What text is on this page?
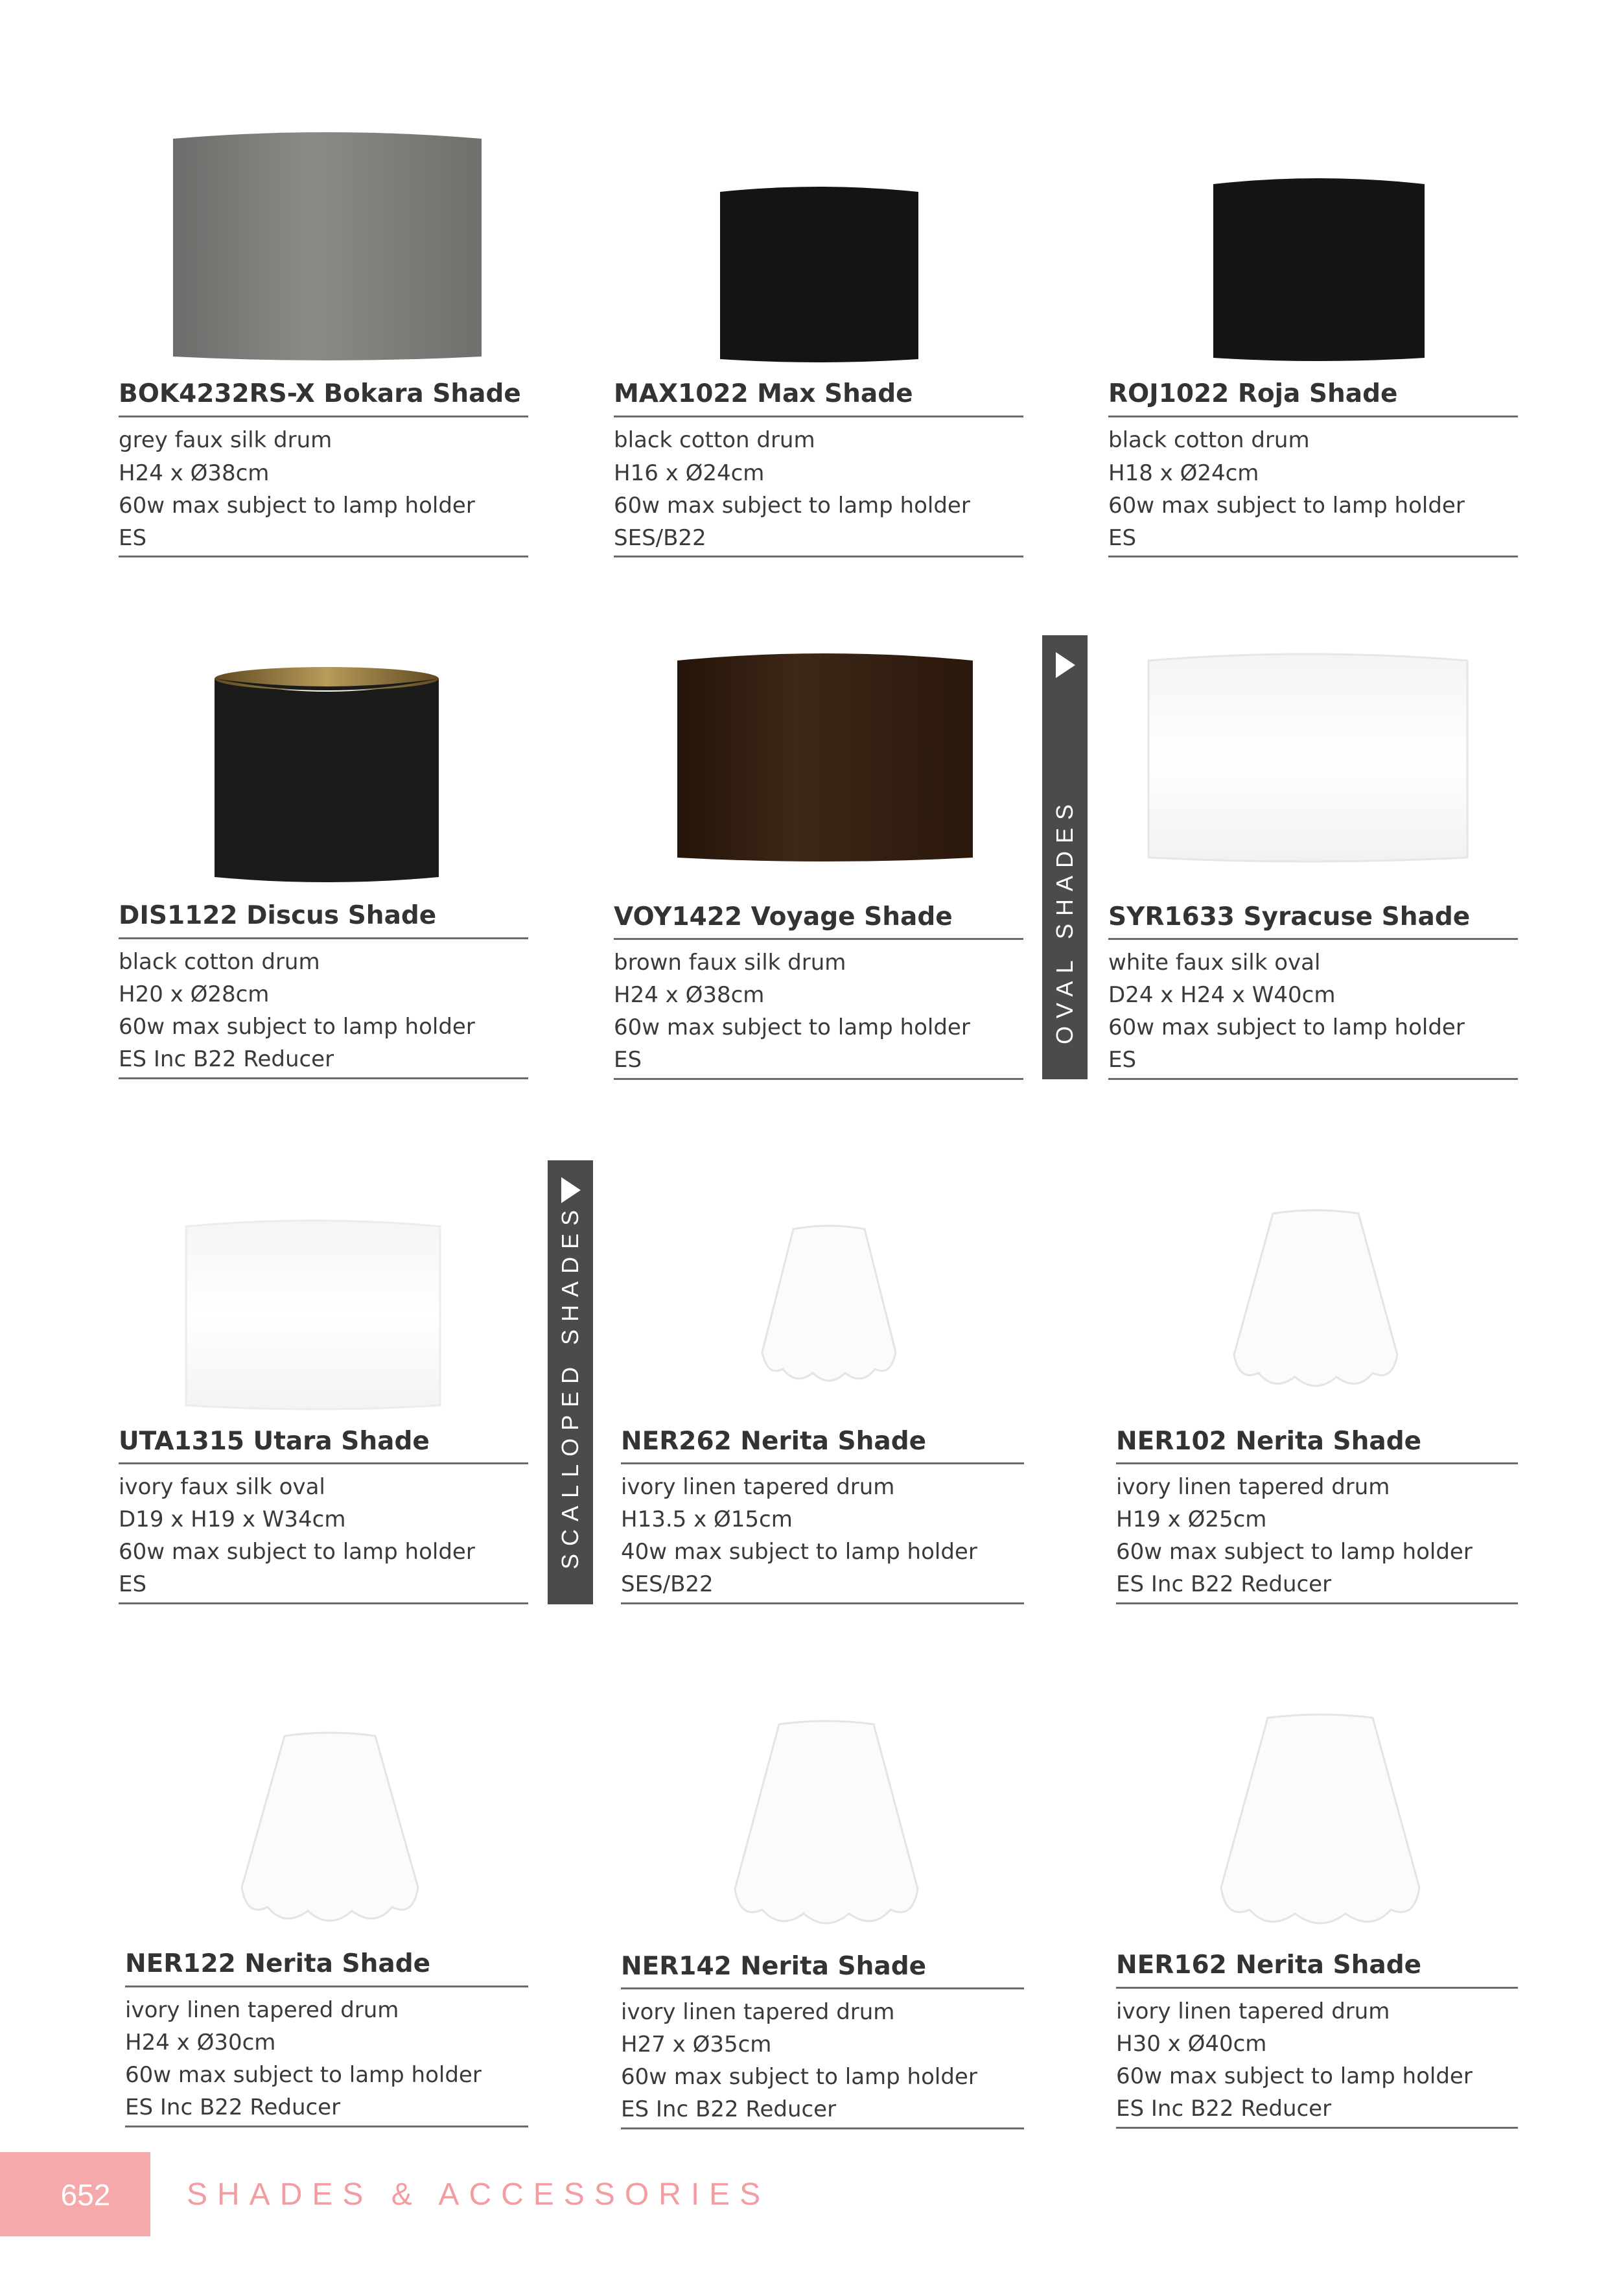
BOK4232RS-X Bokara Shade
grey faux silk drum
H24 x Ø38cm
60w max subject to lamp holder
ES
MAX1022 Max Shade
black cotton drum
H16 x Ø24cm
60w max subject to lamp holder
SES/B22
ROJ1022 Roja Shade
black cotton drum
H18 x Ø24cm
60w max subject to lamp holder
ES
DIS1122 Discus Shade
black cotton drum
H20 x Ø28cm
60w max subject to lamp holder
ES Inc B22 Reducer
VOY1422 Voyage Shade
brown faux silk drum
H24 x Ø38cm
60w max subject to lamp holder
ES
OVAL SHADES SYR1633 Syracuse Shade
white faux silk oval
D24 x H24 x W40cm
60w max subject to lamp holder
ES
SCALLOPED SHADES
UTA1315 Utara Shade
ivory faux silk oval
D19 x H19 x W34cm
60w max subject to lamp holder
ES
NER262 Nerita Shade
ivory linen tapered drum
H13.5 x Ø15cm
40w max subject to lamp holder
SES/B22
NER102 Nerita Shade
ivory linen tapered drum
H19 x Ø25cm
60w max subject to lamp holder
ES Inc B22 Reducer
NER122 Nerita Shade
ivory linen tapered drum
H24 x Ø30cm
60w max subject to lamp holder
ES Inc B22 Reducer
NER142 Nerita Shade
ivory linen tapered drum
H27 x Ø35cm
60w max subject to lamp holder
ES Inc B22 Reducer
NER162 Nerita Shade
ivory linen tapered drum
H30 x Ø40cm
60w max subject to lamp holder
ES Inc B22 Reducer
652 SHADES & ACCESSORIES
